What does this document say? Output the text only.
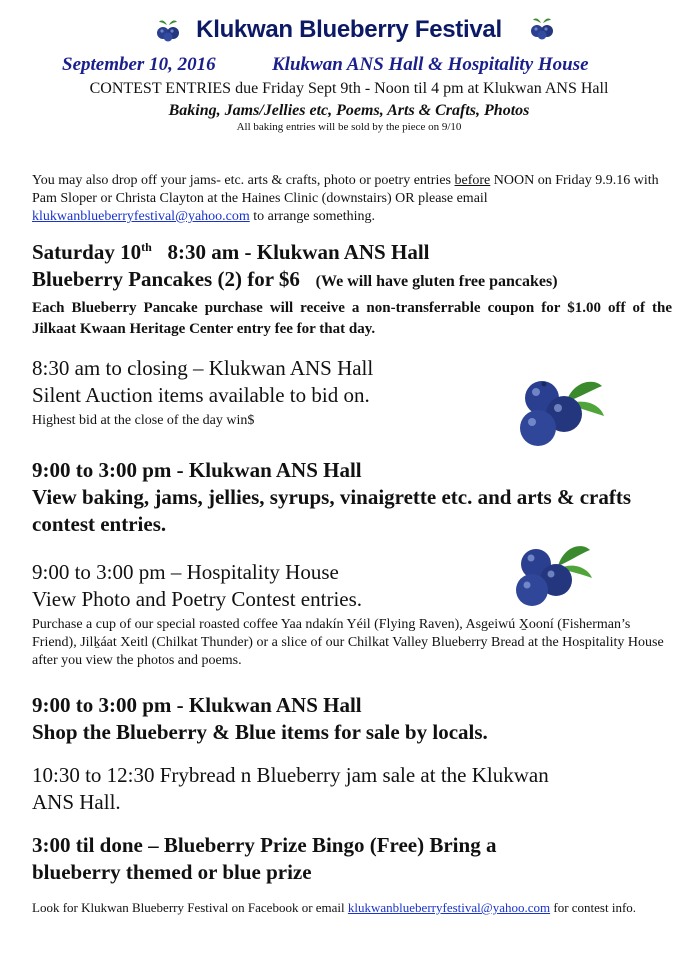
Klukwan Blueberry Festival
September 10, 2016	Klukwan ANS Hall & Hospitality House
CONTEST ENTRIES due Friday Sept 9th - Noon til 4 pm at Klukwan ANS Hall
Baking, Jams/Jellies etc, Poems, Arts & Crafts, Photos
All baking entries will be sold by the piece on 9/10
You may also drop off your jams- etc. arts & crafts, photo or poetry entries before NOON on Friday 9.9.16 with Pam Sloper or Christa Clayton at the Haines Clinic (downstairs) OR please email klukwanblueberryfestival@yahoo.com to arrange something.
Saturday 10th 8:30 am - Klukwan ANS Hall
Blueberry Pancakes (2) for $6 (We will have gluten free pancakes)
Each Blueberry Pancake purchase will receive a non-transferrable coupon for $1.00 off of the Jilkaat Kwaan Heritage Center entry fee for that day.
8:30 am to closing – Klukwan ANS Hall
Silent Auction items available to bid on.
Highest bid at the close of the day win$
9:00 to 3:00 pm - Klukwan ANS Hall
View baking, jams, jellies, syrups, vinaigrette etc. and arts & crafts contest entries.
9:00 to 3:00 pm – Hospitality House
View Photo and Poetry Contest entries.
Purchase a cup of our special roasted coffee Yaa ndakín Yéil (Flying Raven), Asgeiwú X̱ooní (Fisherman’s Friend), Jilḵáat Xeitl (Chilkat Thunder) or a slice of our Chilkat Valley Blueberry Bread at the Hospitality House after you view the photos and poems.
9:00 to 3:00 pm - Klukwan ANS Hall
Shop the Blueberry & Blue items for sale by locals.
10:30 to 12:30 Frybread n Blueberry jam sale at the Klukwan
ANS Hall.
3:00 til done – Blueberry Prize Bingo (Free) Bring a
blueberry themed or blue prize
Look for Klukwan Blueberry Festival on Facebook or email klukwanblueberryfestival@yahoo.com for contest info.
